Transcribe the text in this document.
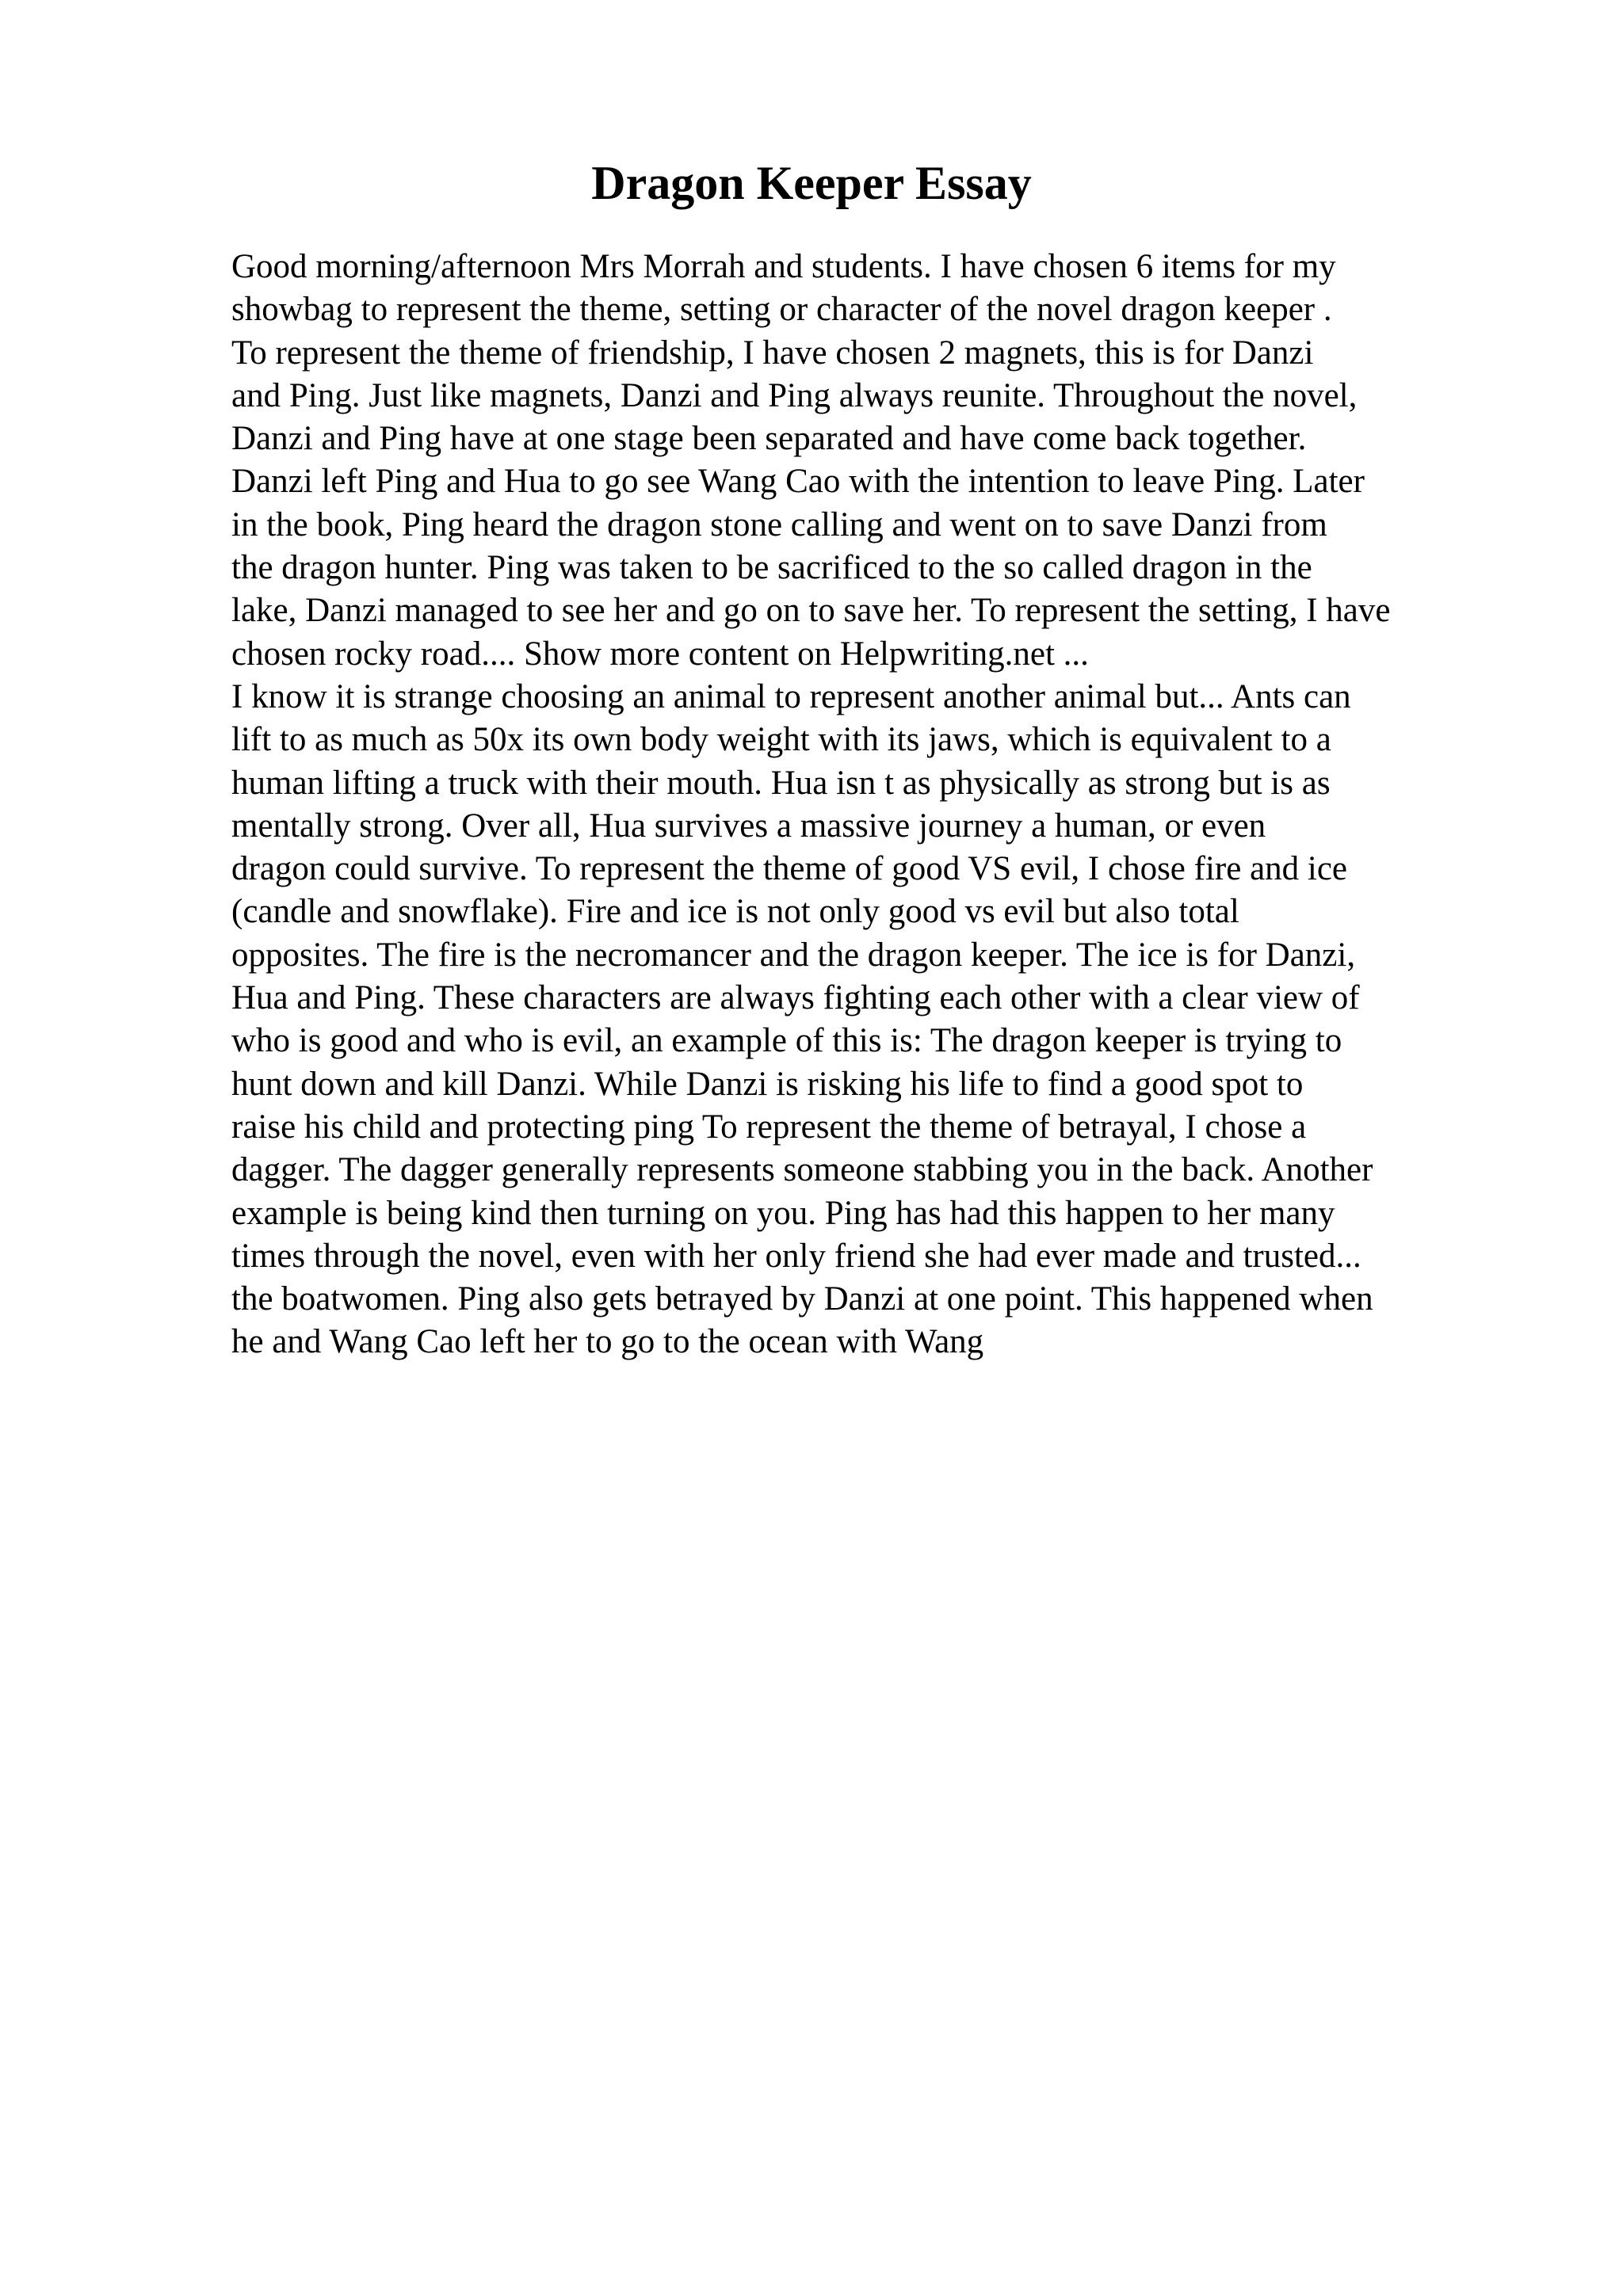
Dragon Keeper Essay
Good morning/afternoon Mrs Morrah and students. I have chosen 6 items for my
showbag to represent the theme, setting or character of the novel dragon keeper .
To represent the theme of friendship, I have chosen 2 magnets, this is for Danzi
and Ping. Just like magnets, Danzi and Ping always reunite. Throughout the novel,
Danzi and Ping have at one stage been separated and have come back together.
Danzi left Ping and Hua to go see Wang Cao with the intention to leave Ping. Later
in the book, Ping heard the dragon stone calling and went on to save Danzi from
the dragon hunter. Ping was taken to be sacrificed to the so called dragon in the
lake, Danzi managed to see her and go on to save her. To represent the setting, I have
chosen rocky road.... Show more content on Helpwriting.net ...
I know it is strange choosing an animal to represent another animal but... Ants can
lift to as much as 50x its own body weight with its jaws, which is equivalent to a
human lifting a truck with their mouth. Hua isn t as physically as strong but is as
mentally strong. Over all, Hua survives a massive journey a human, or even
dragon could survive. To represent the theme of good VS evil, I chose fire and ice
(candle and snowflake). Fire and ice is not only good vs evil but also total
opposites. The fire is the necromancer and the dragon keeper. The ice is for Danzi,
Hua and Ping. These characters are always fighting each other with a clear view of
who is good and who is evil, an example of this is: The dragon keeper is trying to
hunt down and kill Danzi. While Danzi is risking his life to find a good spot to
raise his child and protecting ping To represent the theme of betrayal, I chose a
dagger. The dagger generally represents someone stabbing you in the back. Another
example is being kind then turning on you. Ping has had this happen to her many
times through the novel, even with her only friend she had ever made and trusted...
the boatwomen. Ping also gets betrayed by Danzi at one point. This happened when
he and Wang Cao left her to go to the ocean with Wang
